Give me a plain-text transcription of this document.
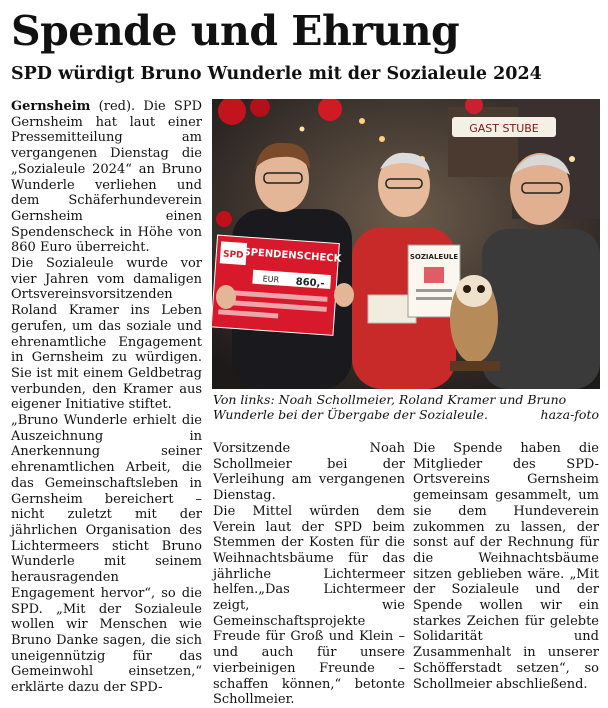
Spende und Ehrung
SPD würdigt Bruno Wunderle mit der Sozialeule 2024

Gernsheim (red). Die SPD Gernsheim hat laut einer Pressemitteilung am vergangenen Dienstag die „Sozialeule 2024“ an Bruno Wunderle verliehen und dem Schäferhundeverein Gernsheim einen Spendenscheck in Höhe von 860 Euro überreicht.

Die Sozialeule wurde vor vier Jahren vom damaligen Ortsvereinsvorsitzenden Roland Kramer ins Leben gerufen, um das soziale und ehrenamtliche Engagement in Gernsheim zu würdigen. Sie ist mit einem Geldbetrag verbunden, den Kramer aus eigener Initiative stiftet.

„Bruno Wunderle erhielt die Auszeichnung in Anerkennung seiner ehrenamtlichen Arbeit, die das Gemeinschaftsleben in Gernsheim bereichert – nicht zuletzt mit der jährlichen Organisation des Lichtermeers sticht Bruno Wunderle mit seinem herausragenden Engagement hervor“, so die SPD. „Mit der Sozialeule wollen wir Menschen wie Bruno Danke sagen, die sich uneigennützig für das Gemeinwohl einsetzen,“ erklärte dazu der SPD-

GAST STUBE
SPD SPENDENSCHECK
EUR 860,-
SOZIALEULE
Von links: Noah Schollmeier, Roland Kramer und Bruno
Wunderle bei der Übergabe der Sozialeule.	haza-foto

Vorsitzende Noah Schollmeier bei der Verleihung am vergangenen Dienstag.

Die Mittel würden dem Verein laut der SPD beim Stemmen der Kosten für die Weihnachtsbäume für das jährliche Lichtermeer helfen.„Das Lichtermeer zeigt, wie Gemeinschaftsprojekte Freude für Groß und Klein – und auch für unsere vierbeinigen Freunde – schaffen können,“ betonte Schollmeier.

Die Spende haben die Mitglieder des SPD-Ortsvereins Gernsheim gemeinsam gesammelt, um sie dem Hundeverein zukommen zu lassen, der sonst auf der Rechnung für die Weihnachtsbäume sitzen geblieben wäre. „Mit der Sozialeule und der Spende wollen wir ein starkes Zeichen für gelebte Solidarität und Zusammenhalt in unserer Schöfferstadt setzen“, so Schollmeier abschließend.
